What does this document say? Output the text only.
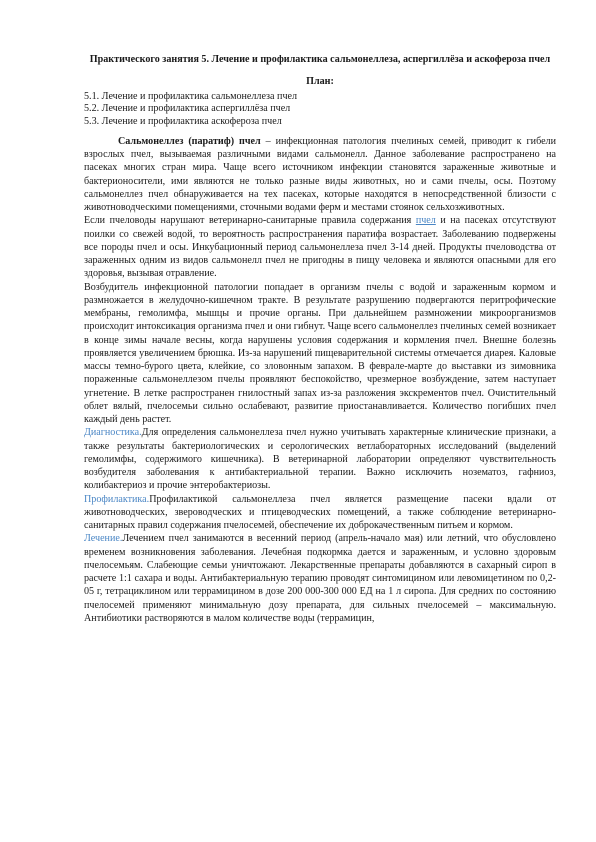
Практического занятия 5. Лечение и профилактика сальмонеллеза, аспергиллёза и аскофероза пчел
План:
5.1. Лечение и профилактика сальмонеллеза пчел
5.2. Лечение и профилактика аспергиллёза пчел
5.3. Лечение и профилактика аскофероза пчел

Сальмонеллез (паратиф) пчел – инфекционная патология пчелиных семей, приводит к гибели взрослых пчел, вызываемая различными видами сальмонелл. Данное заболевание распространено на пасеках многих стран мира. Чаще всего источником инфекции становятся зараженные животные и бактерионосители, ими являются не только разные виды животных, но и сами пчелы, осы. Поэтому сальмонеллез пчел обнаруживается на тех пасеках, которые находятся в непосредственной близости с животноводческими помещениями, сточными водами ферм и местами стоянок сельхозживотных.

Если пчеловоды нарушают ветеринарно-санитарные правила содержания пчел и на пасеках отсутствуют поилки со свежей водой, то вероятность распространения паратифа возрастает. Заболеванию подвержены все породы пчел и осы. Инкубационный период сальмонеллеза пчел 3-14 дней. Продукты пчеловодства от зараженных одним из видов сальмонелл пчел не пригодны в пищу человека и являются опасными для его здоровья, вызывая отравление.

Возбудитель инфекционной патологии попадает в организм пчелы с водой и зараженным кормом и размножается в желудочно-кишечном тракте. В результате разрушению подвергаются перитрофические мембраны, гемолимфа, мышцы и прочие органы. При дальнейшем размножении микроорганизмов происходит интоксикация организма пчел и они гибнут. Чаще всего сальмонеллез пчелиных семей возникает в конце зимы начале весны, когда нарушены условия содержания и кормления пчел. Внешне болезнь проявляется увеличением брюшка. Из-за нарушений пищеварительной системы отмечается диарея. Каловые массы темно-бурого цвета, клейкие, со зловонным запахом. В феврале-марте до выставки из зимовника пораженные сальмонеллезом пчелы проявляют беспокойство, чрезмерное возбуждение, затем наступает угнетение. В летке распространен гнилостный запах из-за разложения экскрементов пчел. Очистительный облет вялый, пчелосемьи сильно ослабевают, развитие приостанавливается. Количество погибших пчел каждый день растет.

Диагностика.Для определения сальмонеллеза пчел нужно учитывать характерные клинические признаки, а также результаты бактериологических и серологических ветлабораторных исследований (выделений гемолимфы, содержимого кишечника). В ветеринарной лаборатории определяют чувствительность возбудителя заболевания к антибактериальной терапии. Важно исключить нозематоз, гафниоз, колибактериоз и прочие энтеробактериозы.

Профилактика.Профилактикой сальмонеллеза пчел является размещение пасеки вдали от животноводческих, звероводческих и птицеводческих помещений, а также соблюдение ветеринарно-санитарных правил содержания пчелосемей, обеспечение их доброкачественным питьем и кормом.

Лечение.Лечением пчел занимаются в весенний период (апрель-начало мая) или летний, что обусловлено временем возникновения заболевания. Лечебная подкормка дается и зараженным, и условно здоровым пчелосемьям. Слабеющие семьи уничтожают. Лекарственные препараты добавляются в сахарный сироп в расчете 1:1 сахара и воды. Антибактериальную терапию проводят синтомицином или левомицетином по 0,2-05 г, тетрациклином или террамицином в дозе 200 000-300 000 ЕД на 1 л сиропа. Для средних по состоянию пчелосемей применяют минимальную дозу препарата, для сильных пчелосемей – максимальную. Антибиотики растворяются в малом количестве воды (террамицин,
